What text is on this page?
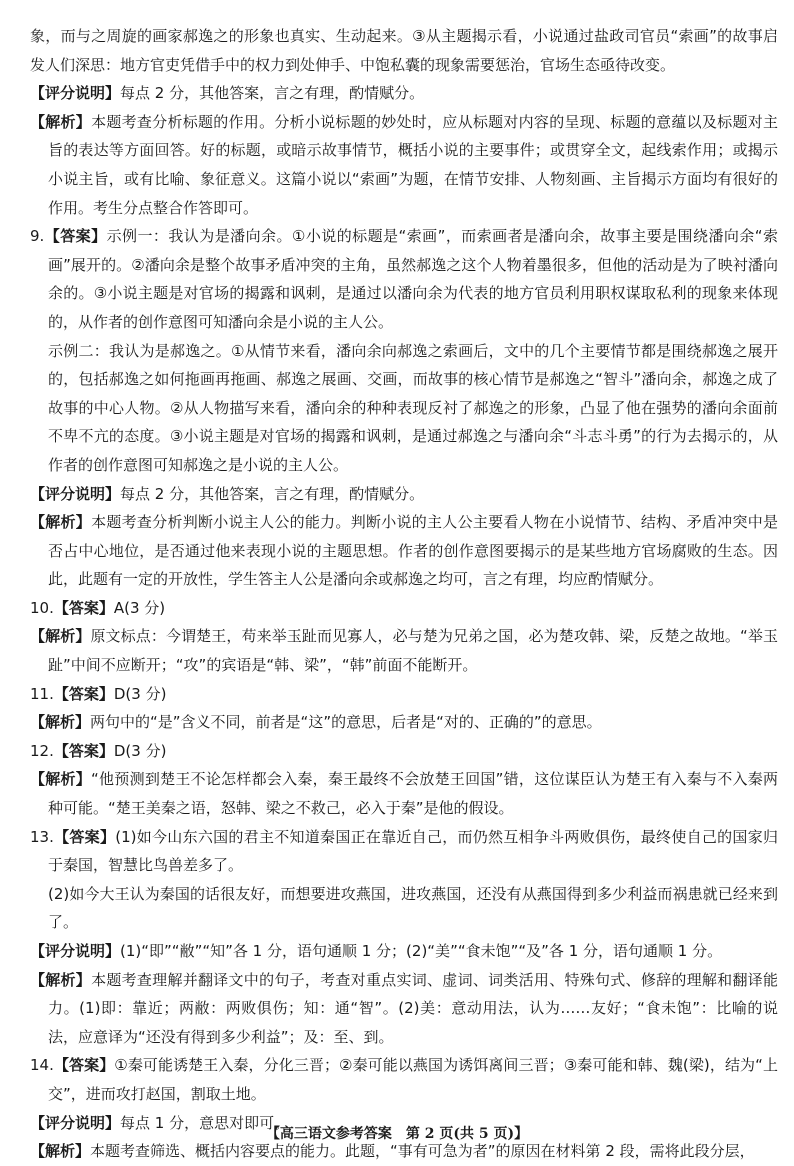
象，而与之周旋的画家郝逸之的形象也真实、生动起来。③从主题揭示看，小说通过盐政司官员“索画”的故事启发人们深思：地方官吏凭借手中的权力到处伸手、中饱私囊的现象需要惩治，官场生态亟待改变。

【评分说明】每点 2 分，其他答案，言之有理，酌情赋分。

【解析】本题考查分析标题的作用。分析小说标题的妙处时，应从标题对内容的呈现、标题的意蕴以及标题对主旨的表达等方面回答。好的标题，或暗示故事情节，概括小说的主要事件；或贯穿全文，起线索作用；或揭示小说主旨，或有比喻、象征意义。这篇小说以“索画”为题，在情节安排、人物刻画、主旨揭示方面均有很好的作用。考生分点整合作答即可。

9.【答案】示例一：我认为是潘向余。①小说的标题是“索画”，而索画者是潘向余，故事主要是围绕潘向余“索画”展开的。②潘向余是整个故事矛盾冲突的主角，虽然郝逸之这个人物着墨很多，但他的活动是为了映衬潘向余的。③小说主题是对官场的揭露和讽刺，是通过以潘向余为代表的地方官员利用职权谋取私利的现象来体现的，从作者的创作意图可知潘向余是小说的主人公。

示例二：我认为是郝逸之。①从情节来看，潘向余向郝逸之索画后，文中的几个主要情节都是围绕郝逸之展开的，包括郝逸之如何拖画再拖画、郝逸之展画、交画，而故事的核心情节是郝逸之“智斗”潘向余，郝逸之成了故事的中心人物。②从人物描写来看，潘向余的种种表现反衬了郝逸之的形象，凸显了他在强势的潘向余面前不卑不亢的态度。③小说主题是对官场的揭露和讽刺，是通过郝逸之与潘向余“斗志斗勇”的行为去揭示的，从作者的创作意图可知郝逸之是小说的主人公。

【评分说明】每点 2 分，其他答案，言之有理，酌情赋分。

【解析】本题考查分析判断小说主人公的能力。判断小说的主人公主要看人物在小说情节、结构、矛盾冲突中是否占中心地位，是否通过他来表现小说的主题思想。作者的创作意图要揭示的是某些地方官场腐败的生态。因此，此题有一定的开放性，学生答主人公是潘向余或郝逸之均可，言之有理，均应酌情赋分。

10.【答案】A(3 分)

【解析】原文标点：今谓楚王，苟来举玉趾而见寡人，必与楚为兄弟之国，必为楚攻韩、梁，反楚之故地。“举玉趾”中间不应断开；“攻”的宾语是“韩、梁”，“韩”前面不能断开。

11.【答案】D(3 分)

【解析】两句中的“是”含义不同，前者是“这”的意思，后者是“对的、正确的”的意思。

12.【答案】D(3 分)

【解析】“他预测到楚王不论怎样都会入秦，秦王最终不会放楚王回国”错，这位谋臣认为楚王有入秦与不入秦两种可能。“楚王美秦之语，怒韩、梁之不救己，必入于秦”是他的假设。

13.【答案】(1)如今山东六国的君主不知道秦国正在靠近自己，而仍然互相争斗两败俱伤，最终使自己的国家归于秦国，智慧比鸟兽差多了。

(2)如今大王认为秦国的话很友好，而想要进攻燕国，进攻燕国，还没有从燕国得到多少利益而祸患就已经来到了。

【评分说明】(1)“即”“敝”“知”各 1 分，语句通顺 1 分；(2)“美”“食未饱”“及”各 1 分，语句通顺 1 分。

【解析】本题考查理解并翻译文中的句子，考查对重点实词、虚词、词类活用、特殊句式、修辞的理解和翻译能力。(1)即：靠近；两敝：两败俱伤；知：通“智”。(2)美：意动用法，认为……友好；“食未饱”：比喻的说法，应意译为“还没有得到多少利益”；及：至、到。

14.【答案】①秦可能诱楚王入秦，分化三晋；②秦可能以燕国为诱饵离间三晋；③秦可能和韩、魏(梁)，结为“上交”，进而攻打赵国，割取土地。

【评分说明】每点 1 分，意思对即可。

【解析】本题考查筛选、概括内容要点的能力。此题，“事有可急为者”的原因在材料第 2 段，需将此段分层，

【高三语文参考答案　第 2 页(共 5 页)】
